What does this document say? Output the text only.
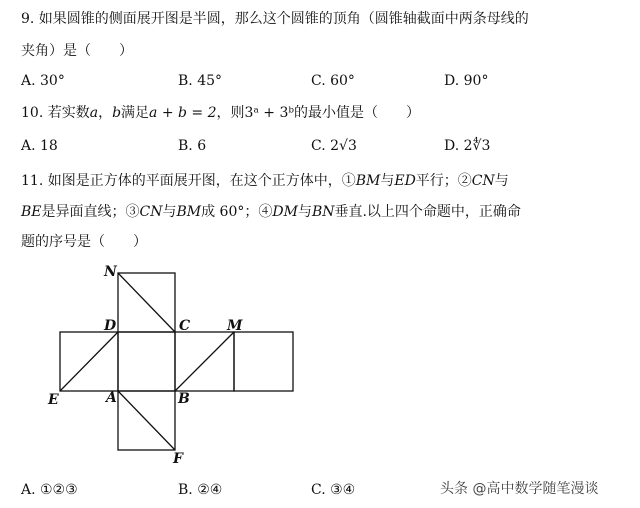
9. 如果圆锥的侧面展开图是半圆，那么这个圆锥的顶角（圆锥轴截面中两条母线的
夹角）是（　　）
A. 30°	B. 45°	C. 60°	D. 90°
10. 若实数a，b满足a + b = 2，则3ᵃ + 3ᵇ的最小值是（　　）
A. 18	B. 6	C. 2√3	D. 2∜3
11. 如图是正方体的平面展开图，在这个正方体中，①BM与ED平行；②CN与
BE是异面直线；③CN与BM成 60°；④DM与BN垂直.以上四个命题中，正确命
题的序号是（　　）
N
D	C	M
E	A	B
F
A. ①②③	B. ②④	C. ③④	头条 @高中数学随笔漫谈
